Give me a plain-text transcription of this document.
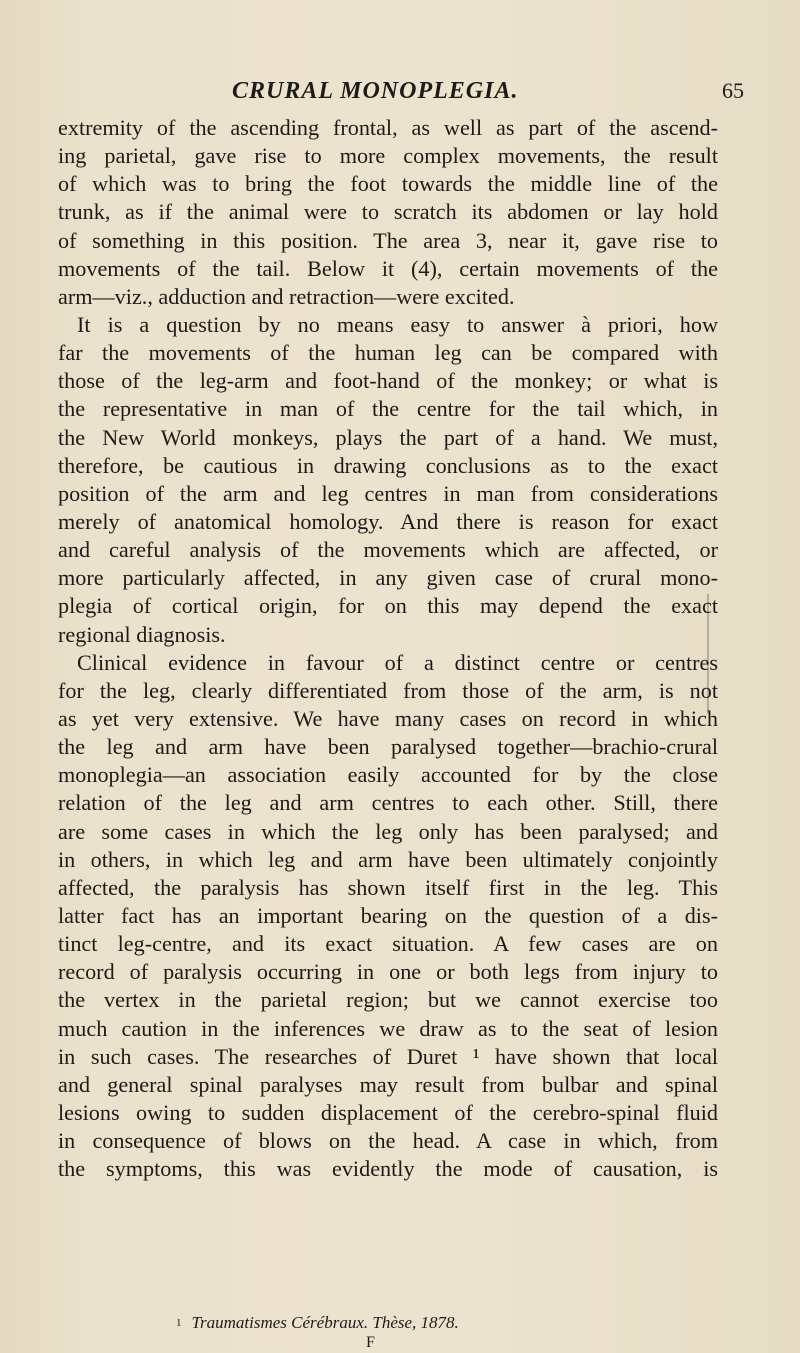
CRURAL MONOPLEGIA.	65
extremity of the ascending frontal, as well as part of the ascend-
ing parietal, gave rise to more complex movements, the result
of which was to bring the foot towards the middle line of the
trunk, as if the animal were to scratch its abdomen or lay hold
of something in this position. The area 3, near it, gave rise to
movements of the tail. Below it (4), certain movements of the
arm—viz., adduction and retraction—were excited.
It is a question by no means easy to answer à priori, how
far the movements of the human leg can be compared with
those of the leg-arm and foot-hand of the monkey; or what is
the representative in man of the centre for the tail which, in
the New World monkeys, plays the part of a hand. We must,
therefore, be cautious in drawing conclusions as to the exact
position of the arm and leg centres in man from considerations
merely of anatomical homology. And there is reason for exact
and careful analysis of the movements which are affected, or
more particularly affected, in any given case of crural mono-
plegia of cortical origin, for on this may depend the exact
regional diagnosis.
Clinical evidence in favour of a distinct centre or centres
for the leg, clearly differentiated from those of the arm, is not
as yet very extensive. We have many cases on record in which
the leg and arm have been paralysed together—brachio-crural
monoplegia—an association easily accounted for by the close
relation of the leg and arm centres to each other. Still, there
are some cases in which the leg only has been paralysed; and
in others, in which leg and arm have been ultimately conjointly
affected, the paralysis has shown itself first in the leg. This
latter fact has an important bearing on the question of a dis-
tinct leg-centre, and its exact situation. A few cases are on
record of paralysis occurring in one or both legs from injury to
the vertex in the parietal region; but we cannot exercise too
much caution in the inferences we draw as to the seat of lesion
in such cases. The researches of Duret ¹ have shown that local
and general spinal paralyses may result from bulbar and spinal
lesions owing to sudden displacement of the cerebro-spinal fluid
in consequence of blows on the head. A case in which, from
the symptoms, this was evidently the mode of causation, is
$^1$ Traumatismes Cérébraux. Thèse, 1878.
F
